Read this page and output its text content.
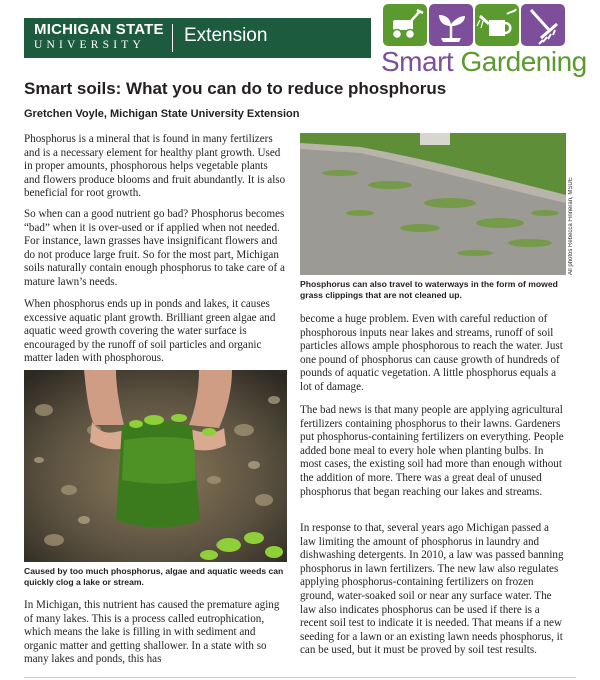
MICHIGAN STATE
UNIVERSITY Extension
Smart Gardening
Smart soils: What you can do to reduce phosphorus
Gretchen Voyle, Michigan State University Extension

Phosphorus is a mineral that is found in many fertilizers and is a necessary element for healthy plant growth. Used in proper amounts, phosphorous helps vegetable plants and flowers produce blooms and fruit abundantly. It is also beneficial for root growth.

So when can a good nutrient go bad? Phosphorus becomes “bad” when it is over-used or if applied when not needed. For instance, lawn grasses have insignificant flowers and do not produce large fruit. So for the most part, Michigan soils naturally contain enough phosphorus to take care of a mature lawn’s needs.

When phosphorus ends up in ponds and lakes, it causes excessive aquatic plant growth. Brilliant green algae and aquatic weed growth covering the water surface is encouraged by the runoff of soil particles and organic matter laden with phosphorous.

Caused by too much phosphorus, algae and aquatic weeds can quickly clog a lake or stream.

In Michigan, this nutrient has caused the premature aging of many lakes. This is a process called eutrophication, which means the lake is filling in with sediment and organic matter and getting shallower. In a state with so many lakes and ponds, this has

All photos Rebecca Finneran, MSUE

Phosphorus can also travel to waterways in the form of mowed grass clippings that are not cleaned up.

become a huge problem. Even with careful reduction of phosphorous inputs near lakes and streams, runoff of soil particles allows ample phosphorous to reach the water. Just one pound of phosphorus can cause growth of hundreds of pounds of aquatic vegetation. A little phosphorus equals a lot of damage.

The bad news is that many people are applying agricultural fertilizers containing phosphorus to their lawns. Gardeners put phosphorus-containing fertilizers on everything. People added bone meal to every hole when planting bulbs. In most cases, the existing soil had more than enough without the addition of more. There was a great deal of unused phosphorus that began reaching our lakes and streams.

In response to that, several years ago Michigan passed a law limiting the amount of phosphorus in laundry and dishwashing detergents. In 2010, a law was passed banning phosphorus in lawn fertilizers. The new law also regulates applying phosphorus-containing fertilizers on frozen ground, water-soaked soil or near any surface water. The law also indicates phosphorus can be used if there is a recent soil test to indicate it is needed. That means if a new seeding for a lawn or an existing lawn needs phosphorus, it can be used, but it must be proved by soil test results.
